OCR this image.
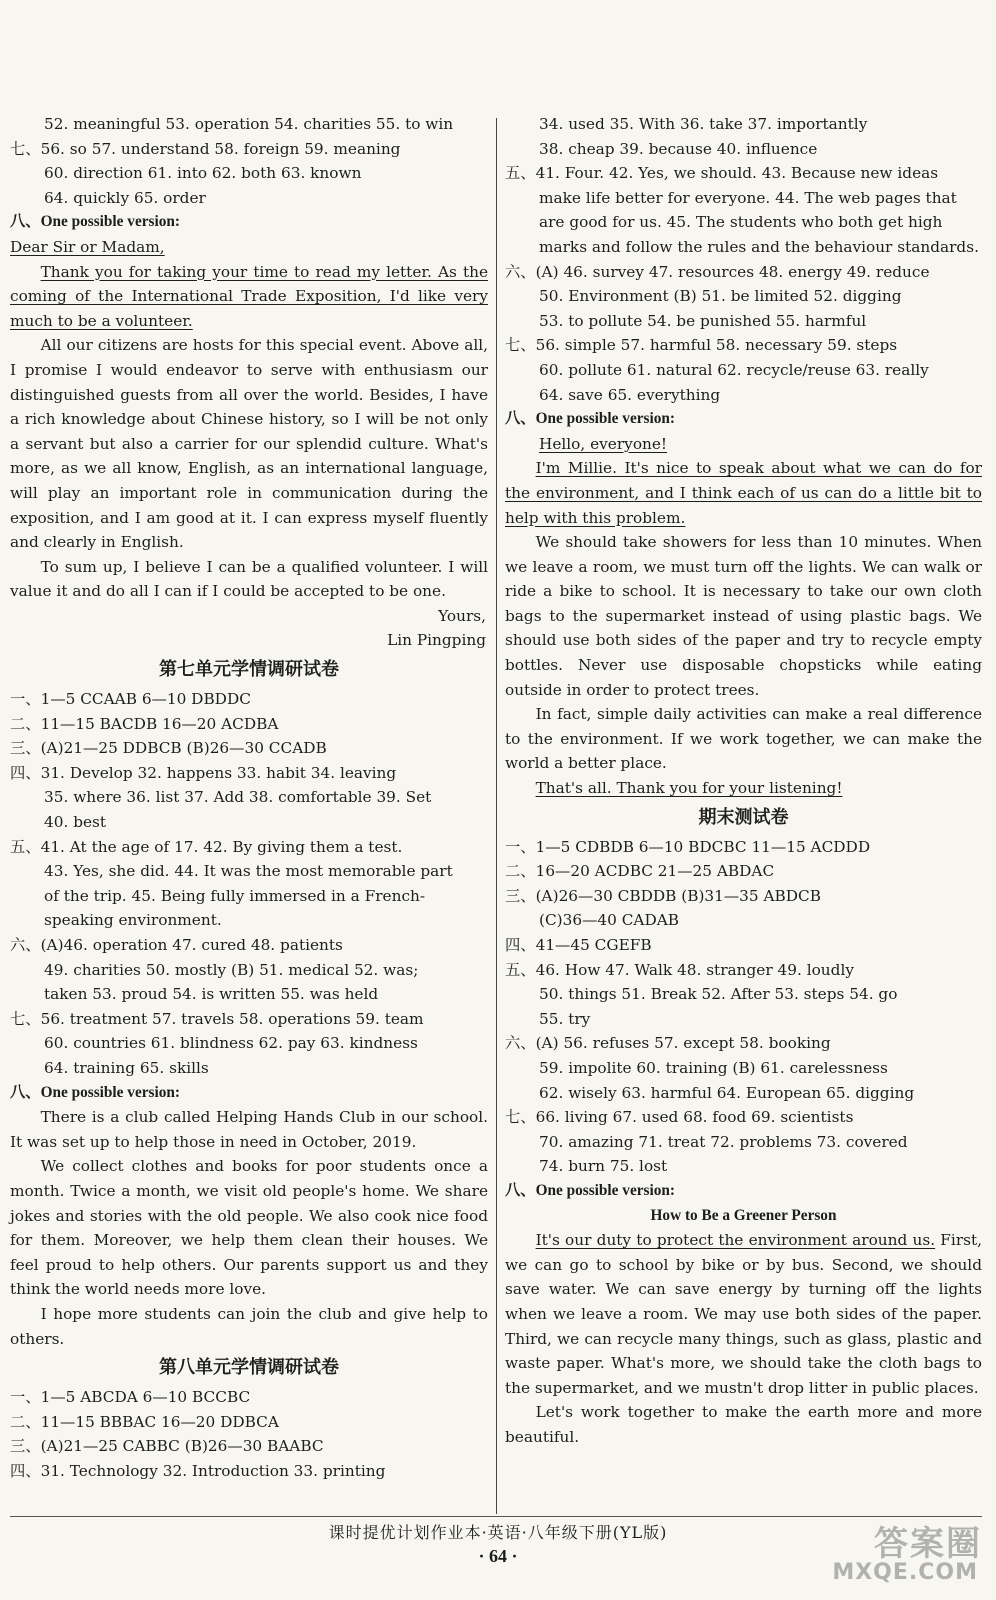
52. meaningful 53. operation 54. charities 55. to win
七、56. so 57. understand 58. foreign 59. meaning
60. direction 61. into 62. both 63. known
64. quickly 65. order
八、One possible version:
Dear Sir or Madam,
Thank you for taking your time to read my letter. As the coming of the International Trade Exposition, I'd like very much to be a volunteer.
All our citizens are hosts for this special event. Above all, I promise I would endeavor to serve with enthusiasm our distinguished guests from all over the world. Besides, I have a rich knowledge about Chinese history, so I will be not only a servant but also a carrier for our splendid culture. What's more, as we all know, English, as an international language, will play an important role in communication during the exposition, and I am good at it. I can express myself fluently and clearly in English.
To sum up, I believe I can be a qualified volunteer. I will value it and do all I can if I could be accepted to be one.
Yours,
Lin Pingping
第七单元学情调研试卷
一、1—5 CCAAB 6—10 DBDDC
二、11—15 BACDB 16—20 ACDBA
三、(A)21—25 DDBCB (B)26—30 CCADB
四、31. Develop 32. happens 33. habit 34. leaving
35. where 36. list 37. Add 38. comfortable 39. Set
40. best
五、41. At the age of 17. 42. By giving them a test.
43. Yes, she did. 44. It was the most memorable part
of the trip. 45. Being fully immersed in a French-
speaking environment.
六、(A)46. operation 47. cured 48. patients
49. charities 50. mostly (B) 51. medical 52. was;
taken 53. proud 54. is written 55. was held
七、56. treatment 57. travels 58. operations 59. team
60. countries 61. blindness 62. pay 63. kindness
64. training 65. skills
八、One possible version:
There is a club called Helping Hands Club in our school. It was set up to help those in need in October, 2019.
We collect clothes and books for poor students once a month. Twice a month, we visit old people's home. We share jokes and stories with the old people. We also cook nice food for them. Moreover, we help them clean their houses. We feel proud to help others. Our parents support us and they think the world needs more love.
I hope more students can join the club and give help to others.
第八单元学情调研试卷
一、1—5 ABCDA 6—10 BCCBC
二、11—15 BBBAC 16—20 DDBCA
三、(A)21—25 CABBC (B)26—30 BAABC
四、31. Technology 32. Introduction 33. printing
34. used 35. With 36. take 37. importantly
38. cheap 39. because 40. influence
五、41. Four. 42. Yes, we should. 43. Because new ideas
make life better for everyone. 44. The web pages that
are good for us. 45. The students who both get high
marks and follow the rules and the behaviour standards.
六、(A) 46. survey 47. resources 48. energy 49. reduce
50. Environment (B) 51. be limited 52. digging
53. to pollute 54. be punished 55. harmful
七、56. simple 57. harmful 58. necessary 59. steps
60. pollute 61. natural 62. recycle/reuse 63. really
64. save 65. everything
八、One possible version:
Hello, everyone!
I'm Millie. It's nice to speak about what we can do for the environment, and I think each of us can do a little bit to help with this problem.
We should take showers for less than 10 minutes. When we leave a room, we must turn off the lights. We can walk or ride a bike to school. It is necessary to take our own cloth bags to the supermarket instead of using plastic bags. We should use both sides of the paper and try to recycle empty bottles. Never use disposable chopsticks while eating outside in order to protect trees.
In fact, simple daily activities can make a real difference to the environment. If we work together, we can make the world a better place.
That's all. Thank you for your listening!
期末测试卷
一、1—5 CDBDB 6—10 BDCBC 11—15 ACDDD
二、16—20 ACDBC 21—25 ABDAC
三、(A)26—30 CBDDB (B)31—35 ABDCB
(C)36—40 CADAB
四、41—45 CGEFB
五、46. How 47. Walk 48. stranger 49. loudly
50. things 51. Break 52. After 53. steps 54. go
55. try
六、(A) 56. refuses 57. except 58. booking
59. impolite 60. training (B) 61. carelessness
62. wisely 63. harmful 64. European 65. digging
七、66. living 67. used 68. food 69. scientists
70. amazing 71. treat 72. problems 73. covered
74. burn 75. lost
八、One possible version:
How to Be a Greener Person
It's our duty to protect the environment around us. First, we can go to school by bike or by bus. Second, we should save water. We can save energy by turning off the lights when we leave a room. We may use both sides of the paper. Third, we can recycle many things, such as glass, plastic and waste paper. What's more, we should take the cloth bags to the supermarket, and we mustn't drop litter in public places.
Let's work together to make the earth more and more beautiful.
课时提优计划作业本·英语·八年级下册(YL版)
· 64 ·	答案圈
MXQE.COM
